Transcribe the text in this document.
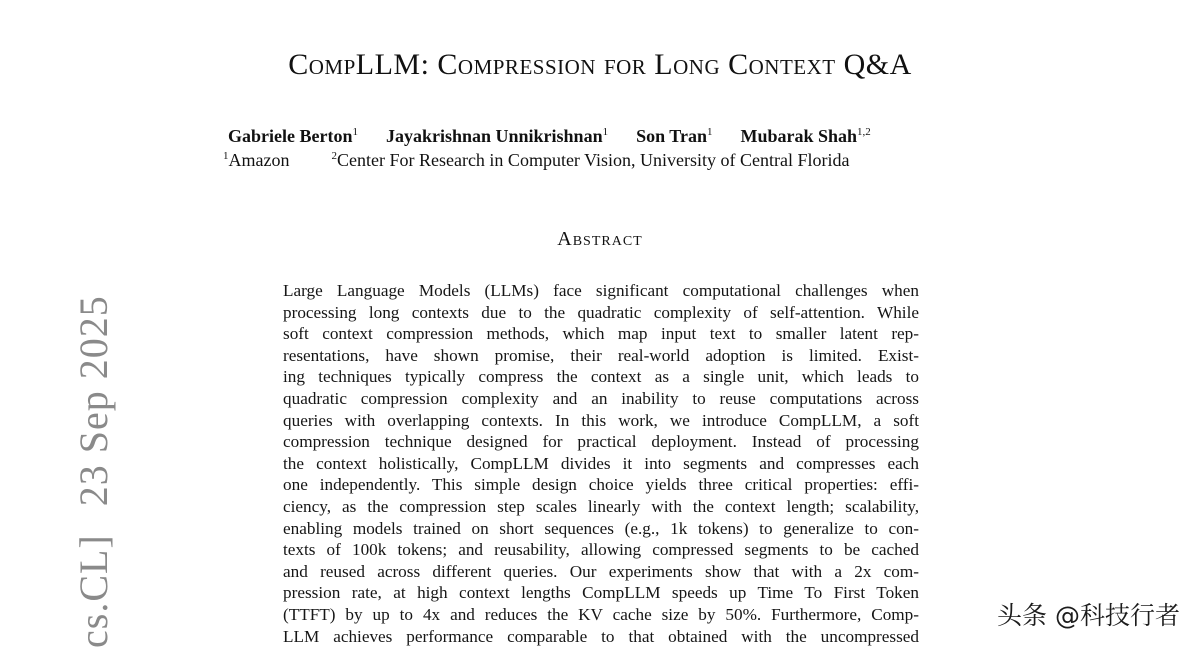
CompLLM: Compression for Long Context Q&A
Gabriele Berton$^1$ Jayakrishnan Unnikrishnan$^1$ Son Tran$^1$ Mubarak Shah$^{1,2}$
$^1$Amazon	$^2$Center For Research in Computer Vision, University of Central Florida
Abstract
Large Language Models (LLMs) face significant computational challenges when
processing long contexts due to the quadratic complexity of self-attention. While
soft context compression methods, which map input text to smaller latent rep-
resentations, have shown promise, their real-world adoption is limited. Exist-
ing techniques typically compress the context as a single unit, which leads to
quadratic compression complexity and an inability to reuse computations across
queries with overlapping contexts. In this work, we introduce CompLLM, a soft
compression technique designed for practical deployment. Instead of processing
the context holistically, CompLLM divides it into segments and compresses each
one independently. This simple design choice yields three critical properties: effi-
ciency, as the compression step scales linearly with the context length; scalability,
enabling models trained on short sequences (e.g., 1k tokens) to generalize to con-
texts of 100k tokens; and reusability, allowing compressed segments to be cached
and reused across different queries. Our experiments show that with a 2x com-
pression rate, at high context lengths CompLLM speeds up Time To First Token
(TTFT) by up to 4x and reduces the KV cache size by 50%. Furthermore, Comp-
LLM achieves performance comparable to that obtained with the uncompressed
cs.CL]23 Sep 2025
头条 @科技行者
